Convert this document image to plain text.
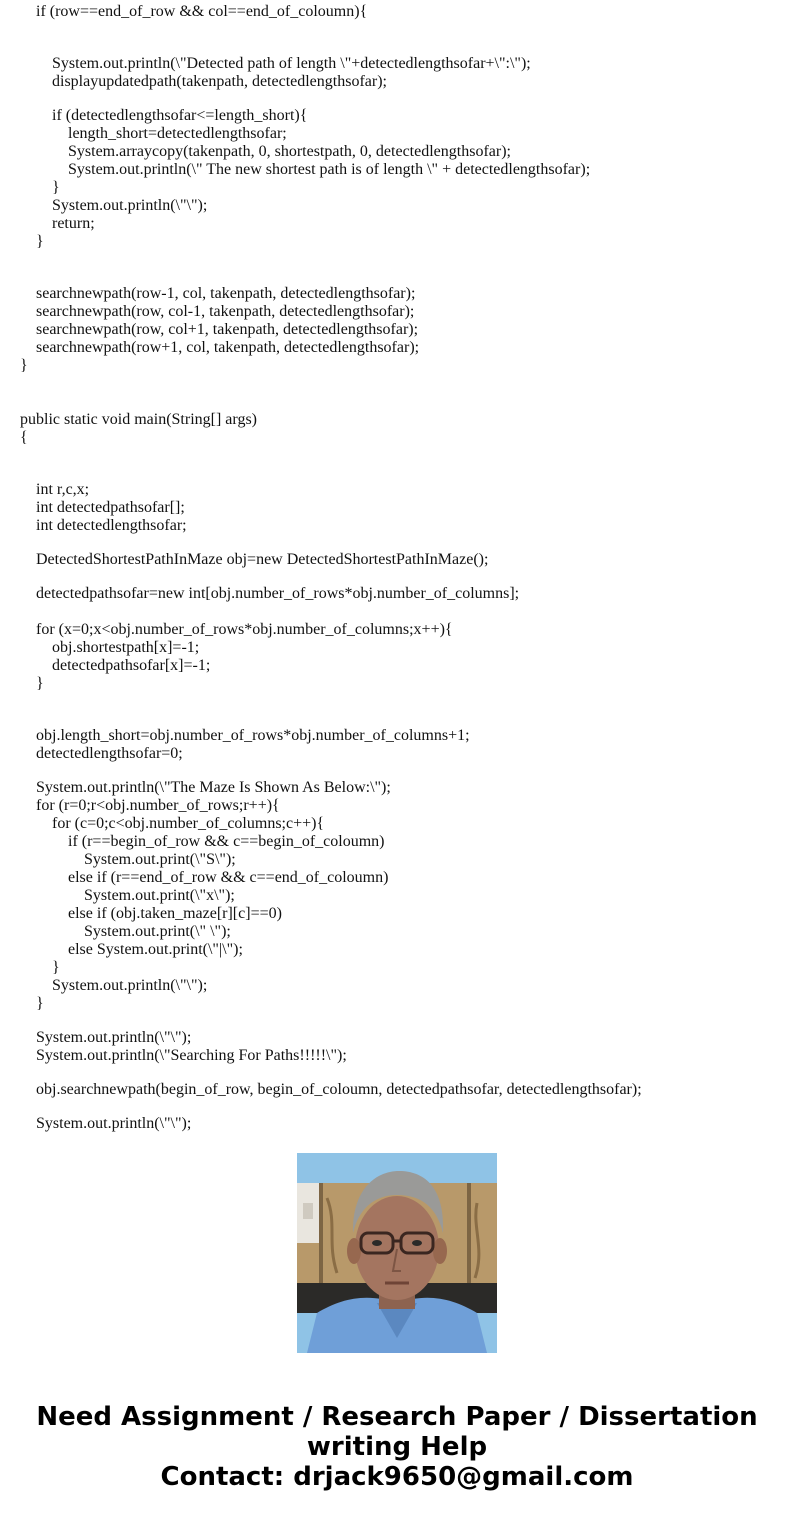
if (row==end_of_row && col==end_of_coloumn){
System.out.println(\"Detected path of length \"+detectedlengthsofar+\":\");
displayupdatedpath(takenpath, detectedlengthsofar);
if (detectedlengthsofar<=length_short){
length_short=detectedlengthsofar;
System.arraycopy(takenpath, 0, shortestpath, 0, detectedlengthsofar);
System.out.println(\" The new shortest path is of length \" + detectedlengthsofar);
}
System.out.println(\"\");
return;
}
searchnewpath(row-1, col, takenpath, detectedlengthsofar);
searchnewpath(row, col-1, takenpath, detectedlengthsofar);
searchnewpath(row, col+1, takenpath, detectedlengthsofar);
searchnewpath(row+1, col, takenpath, detectedlengthsofar);
}
public static void main(String[] args)
{
int r,c,x;
int detectedpathsofar[];
int detectedlengthsofar;
DetectedShortestPathInMaze obj=new DetectedShortestPathInMaze();
detectedpathsofar=new int[obj.number_of_rows*obj.number_of_columns];
for (x=0;x<obj.number_of_rows*obj.number_of_columns;x++){
obj.shortestpath[x]=-1;
detectedpathsofar[x]=-1;
}
obj.length_short=obj.number_of_rows*obj.number_of_columns+1;
detectedlengthsofar=0;
System.out.println(\"The Maze Is Shown As Below:\");
for (r=0;r<obj.number_of_rows;r++){
for (c=0;c<obj.number_of_columns;c++){
if (r==begin_of_row && c==begin_of_coloumn)
System.out.print(\"S\");
else if (r==end_of_row && c==end_of_coloumn)
System.out.print(\"x\");
else if (obj.taken_maze[r][c]==0)
System.out.print(\" \");
else System.out.print(\"|\");
}
System.out.println(\"\");
}
System.out.println(\"\");
System.out.println(\"Searching For Paths!!!!!\");
obj.searchnewpath(begin_of_row, begin_of_coloumn, detectedpathsofar, detectedlengthsofar);
System.out.println(\"\");
Need Assignment / Research Paper / Dissertation
writing Help
Contact: drjack9650@gmail.com
